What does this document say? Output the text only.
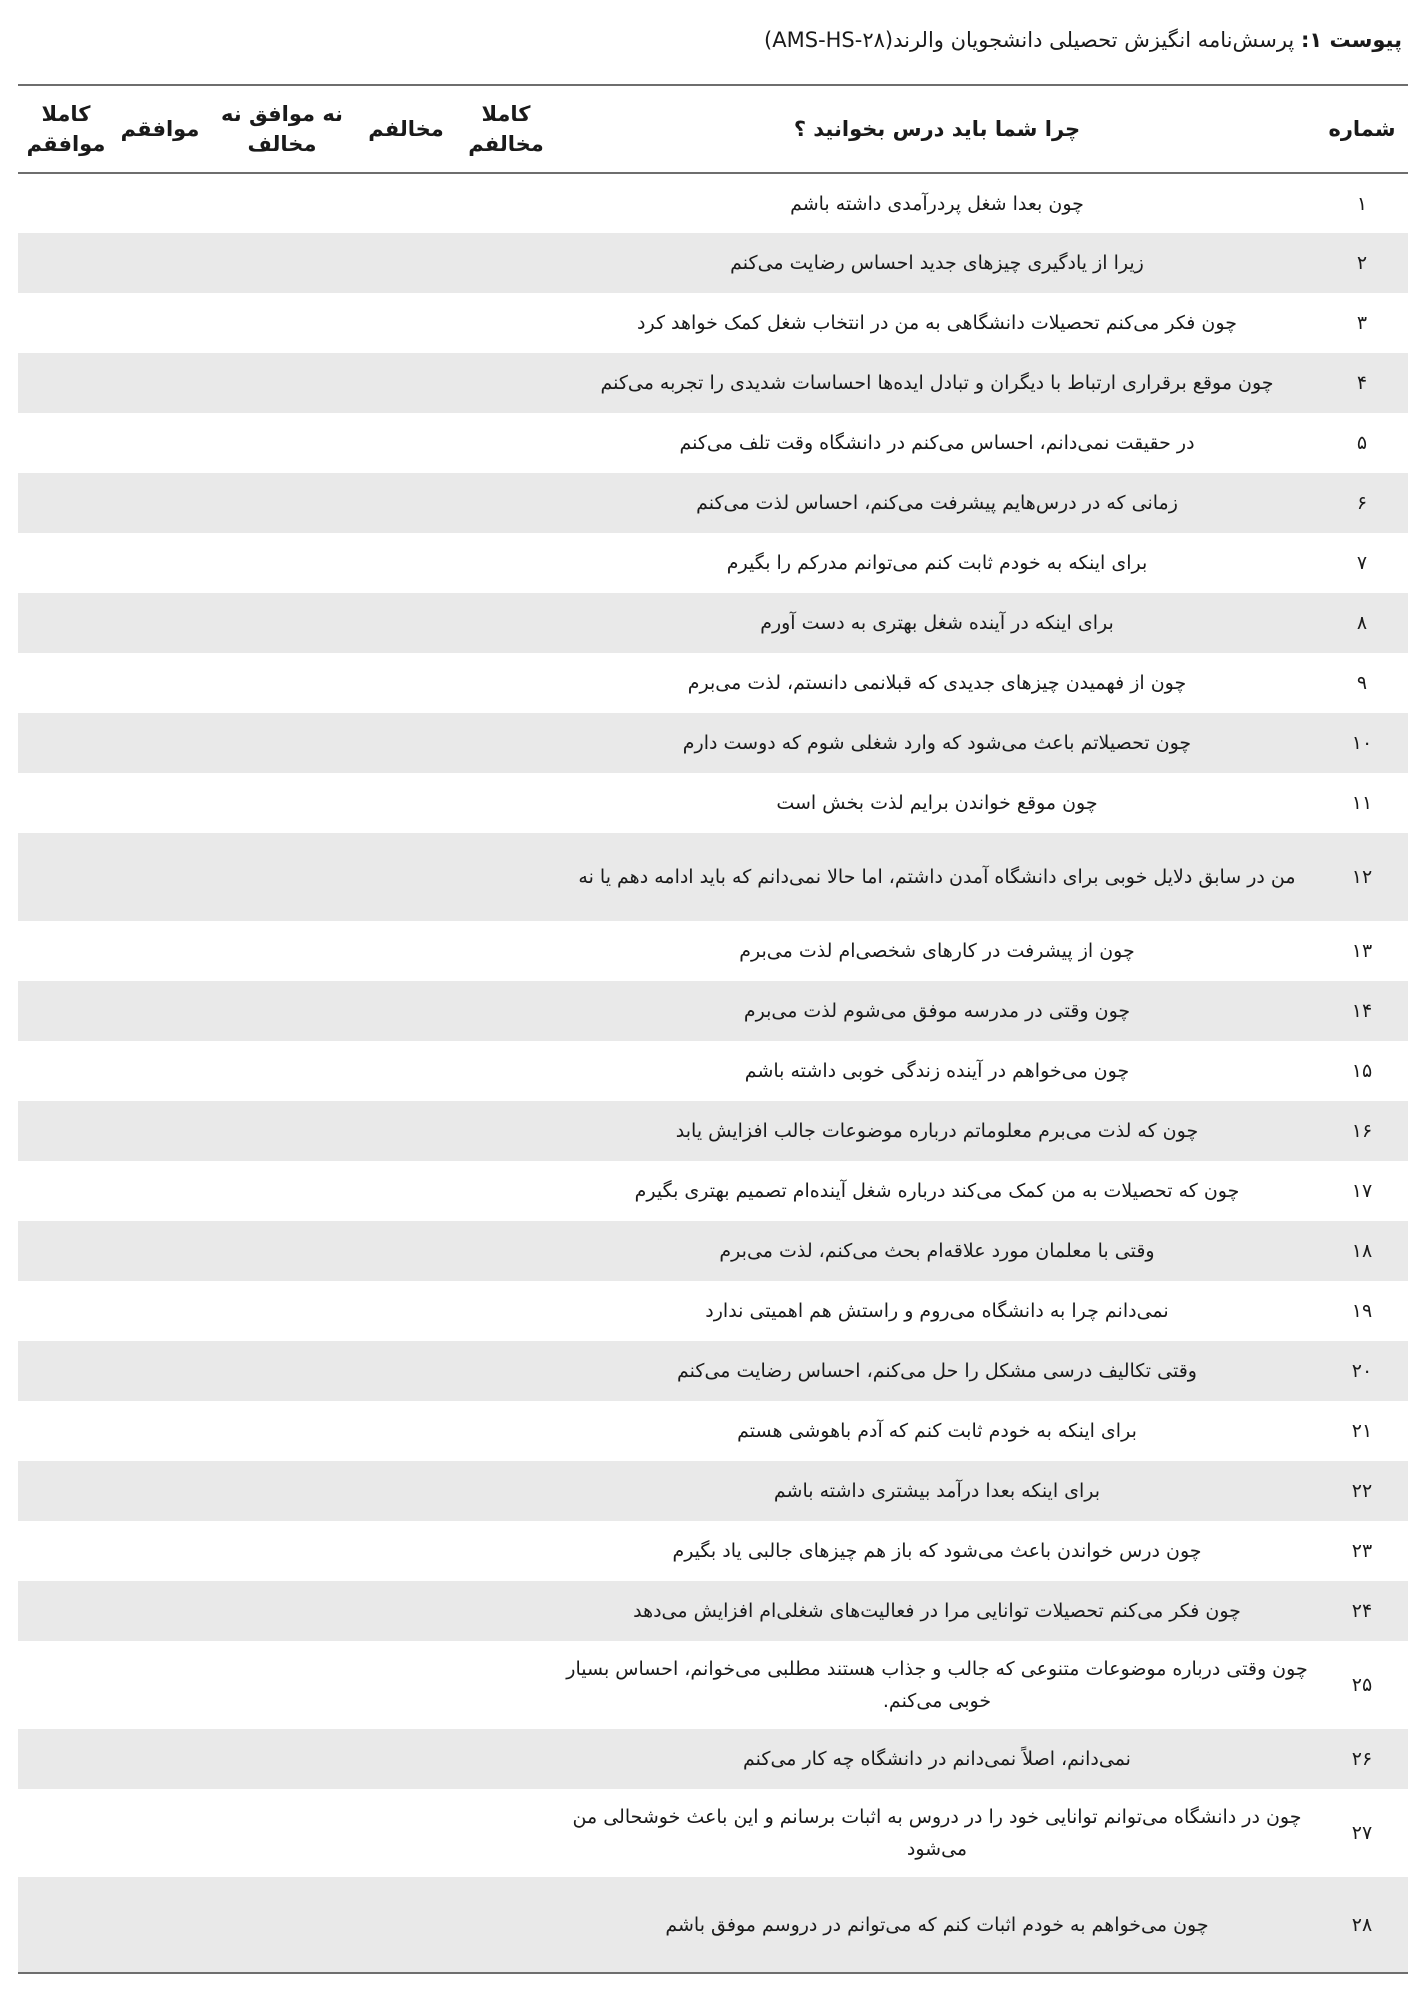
پیوست ۱: پرسش‌نامه انگیزش تحصیلی دانشجویان والرند(AMS-HS-۲۸)
شماره	چرا شما باید درس بخوانید ؟	کاملا مخالفم	مخالفم	نه موافق نه مخالف	موافقم	کاملا موافقم
۱	چون بعدا شغل پردرآمدی داشته باشم					
۲	زیرا از یادگیری چیزهای جدید احساس رضایت می‌کنم					
۳	چون فکر می‌کنم تحصیلات دانشگاهی به من در انتخاب شغل کمک خواهد کرد					
۴	چون موقع برقراری ارتباط با دیگران و تبادل ایده‌ها احساسات شدیدی را تجربه می‌کنم					
۵	در حقیقت نمی‌دانم، احساس می‌کنم در دانشگاه وقت تلف می‌کنم					
۶	زمانی که در درس‌هایم پیشرفت می‌کنم، احساس لذت می‌کنم					
۷	برای اینکه به خودم ثابت کنم می‌توانم مدرکم را بگیرم					
۸	برای اینکه در آینده شغل بهتری به دست آورم					
۹	چون از فهمیدن چیزهای جدیدی که قبلانمی دانستم، لذت می‌برم					
۱۰	چون تحصیلاتم باعث می‌شود که وارد شغلی شوم که دوست دارم					
۱۱	چون موقع خواندن برایم لذت بخش است					
۱۲	من در سابق دلایل خوبی برای دانشگاه آمدن داشتم، اما حالا نمی‌دانم که باید ادامه دهم یا نه					
۱۳	چون از پیشرفت در کارهای شخصی‌ام لذت می‌برم					
۱۴	چون وقتی در مدرسه موفق می‌شوم لذت می‌برم					
۱۵	چون می‌خواهم در آینده زندگی خوبی داشته باشم					
۱۶	چون که لذت می‌برم معلوماتم درباره موضوعات جالب افزایش یابد					
۱۷	چون که تحصیلات به من کمک می‌کند درباره شغل آینده‌ام تصمیم بهتری بگیرم					
۱۸	وقتی با معلمان مورد علاقه‌ام بحث می‌کنم، لذت می‌برم					
۱۹	نمی‌دانم چرا به دانشگاه می‌روم و راستش هم اهمیتی ندارد					
۲۰	وقتی تکالیف درسی مشکل را حل می‌کنم، احساس رضایت می‌کنم					
۲۱	برای اینکه به خودم ثابت کنم که آدم باهوشی هستم					
۲۲	برای اینکه بعدا درآمد بیشتری داشته باشم					
۲۳	چون درس خواندن باعث می‌شود که باز هم چیزهای جالبی یاد بگیرم					
۲۴	چون فکر می‌کنم تحصیلات توانایی مرا در فعالیت‌های شغلی‌ام افزایش می‌دهد					
۲۵	چون وقتی درباره موضوعات متنوعی که جالب و جذاب هستند مطلبی می‌خوانم، احساس بسیار خوبی می‌کنم.					
۲۶	نمی‌دانم، اصلاً نمی‌دانم در دانشگاه چه کار می‌کنم					
۲۷	چون در دانشگاه می‌توانم توانایی خود را در دروس به اثبات برسانم و این باعث خوشحالی من می‌شود					
۲۸	چون می‌خواهم به خودم اثبات کنم که می‌توانم در دروسم موفق باشم					
